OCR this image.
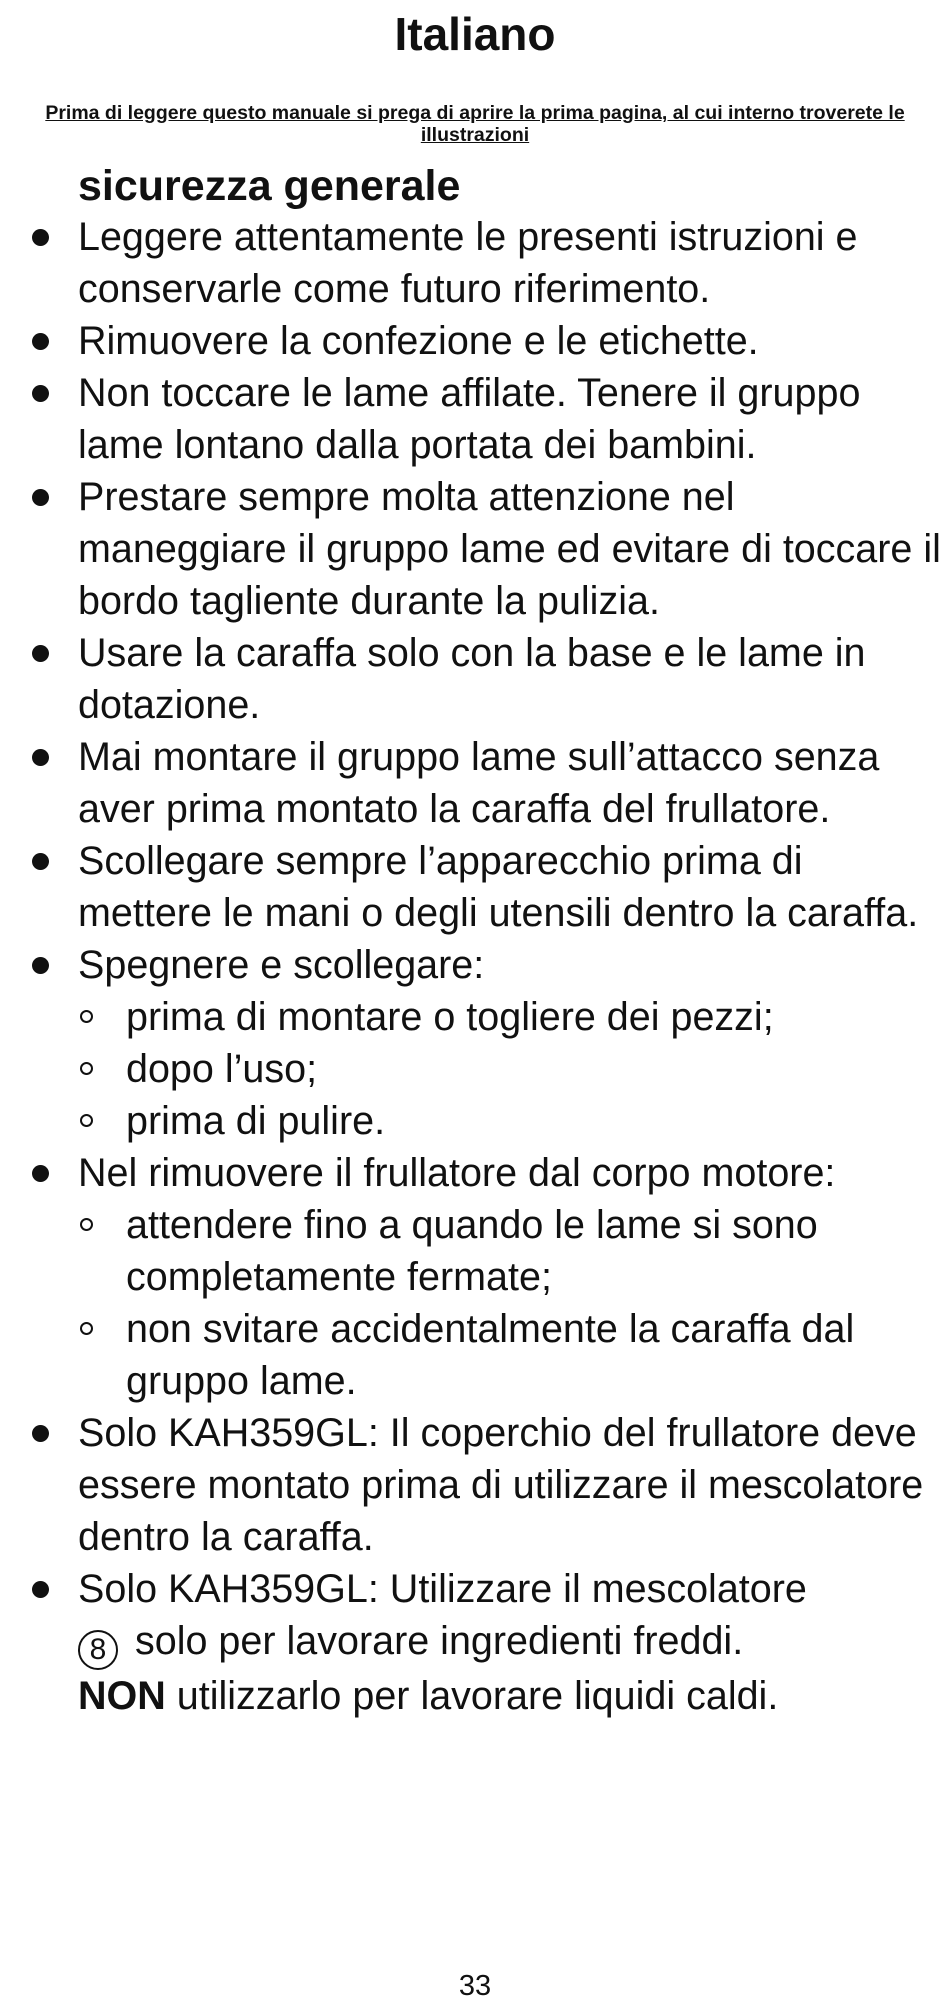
Italiano
Prima di leggere questo manuale si prega di aprire la prima pagina, al cui interno troverete le illustrazioni
sicurezza generale
Leggere attentamente le presenti istruzioni e conservarle come futuro riferimento.
Rimuovere la confezione e le etichette.
Non toccare le lame affilate. Tenere il gruppo lame lontano dalla portata dei bambini.
Prestare sempre molta attenzione nel maneggiare il gruppo lame ed evitare di toccare il bordo tagliente durante la pulizia.
Usare la caraffa solo con la base e le lame in dotazione.
Mai montare il gruppo lame sull’attacco senza aver prima montato la caraffa del frullatore.
Scollegare sempre l’apparecchio prima di mettere le mani o degli utensili dentro la caraffa.
Spegnere e scollegare:
prima di montare o togliere dei pezzi;
dopo l’uso;
prima di pulire.
Nel rimuovere il frullatore dal corpo motore:
attendere fino a quando le lame si sono completamente fermate;
non svitare accidentalmente la caraffa dal gruppo lame.
Solo KAH359GL: Il coperchio del frullatore deve essere montato prima di utilizzare il mescolatore dentro la caraffa.
Solo KAH359GL: Utilizzare il mescolatore
8 solo per lavorare ingredienti freddi.
NON utilizzarlo per lavorare liquidi caldi.
33
